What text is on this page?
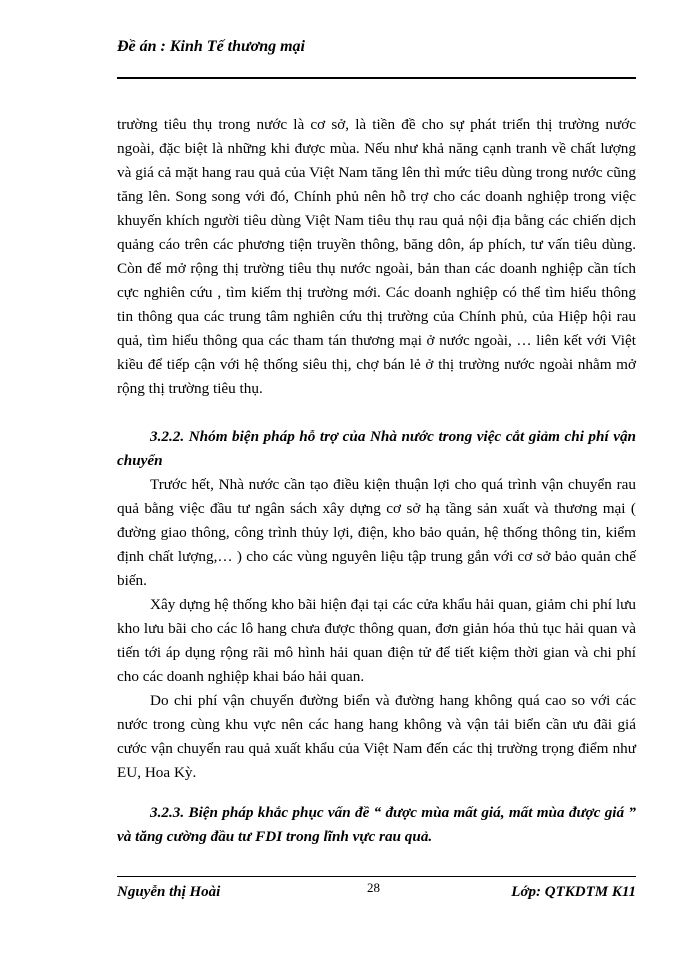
Đề án : Kinh Tế thương mại

trường tiêu thụ trong nước là cơ sở, là tiền đề cho sự phát triển thị trường nước ngoài, đặc biệt là những khi được mùa. Nếu như khả năng cạnh tranh về chất lượng và giá cả mặt hang rau quả của Việt Nam tăng lên thì mức tiêu dùng trong nước cũng tăng lên. Song song với đó, Chính phủ nên hỗ trợ cho các doanh nghiệp trong việc khuyến khích người tiêu dùng Việt Nam tiêu thụ rau quả nội địa bằng các chiến dịch quảng cáo trên các phương tiện truyền thông, băng dôn, áp phích, tư vấn tiêu dùng. Còn để mở rộng thị trường tiêu thụ nước ngoài, bản than các doanh nghiệp cần tích cực nghiên cứu , tìm kiếm thị trường mới. Các doanh nghiệp có thể tìm hiểu thông tin thông qua các trung tâm nghiên cứu thị trường của Chính phủ, của Hiệp hội rau quả, tìm hiểu thông qua các tham tán thương mại ở nước ngoài, … liên kết với Việt kiều để tiếp cận với hệ thống siêu thị, chợ bán lẻ ở thị trường nước ngoài nhằm mở rộng thị trường tiêu thụ.

3.2.2. Nhóm biện pháp hỗ trợ của Nhà nước trong việc cắt giảm chi phí vận chuyển

Trước hết, Nhà nước cần tạo điều kiện thuận lợi cho quá trình vận chuyển rau quả bằng việc đầu tư ngân sách xây dựng cơ sở hạ tầng sản xuất và thương mại ( đường giao thông, công trình thủy lợi, điện, kho bảo quản, hệ thống thông tin, kiểm định chất lượng,… ) cho các vùng nguyên liệu tập trung gắn với cơ sở bảo quản chế biến.

Xây dựng hệ thống kho bãi hiện đại tại các cửa khẩu hải quan, giảm chi phí lưu kho lưu bãi cho các lô hang chưa được thông quan, đơn giản hóa thủ tục hải quan và tiến tới áp dụng rộng rãi mô hình hải quan điện tử để tiết kiệm thời gian và chi phí cho các doanh nghiệp khai báo hải quan.

Do chi phí vận chuyển đường biển và đường hang không quá cao so với các nước trong cùng khu vực nên các hang hang không và vận tải biển cần ưu đãi giá cước vận chuyển rau quả xuất khẩu của Việt Nam đến các thị trường trọng điểm như EU, Hoa Kỳ.

3.2.3. Biện pháp khắc phục vấn đề “ được mùa mất giá, mất mùa được giá ” và tăng cường đầu tư FDI trong lĩnh vực rau quả.

Nguyễn thị Hoài	28	Lớp: QTKDTM K11
